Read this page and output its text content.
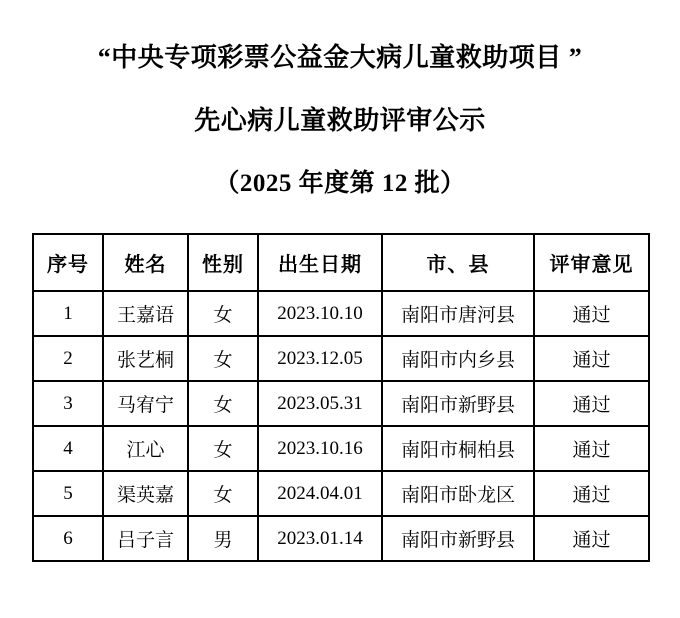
“中央专项彩票公益金大病儿童救助项目 ”
先心病儿童救助评审公示
（2025 年度第 12 批）
序号	姓名	性别	出生日期	市、县	评审意见
1	王嘉语	女	2023.10.10	南阳市唐河县	通过
2	张艺桐	女	2023.12.05	南阳市内乡县	通过
3	马宥宁	女	2023.05.31	南阳市新野县	通过
4	江心	女	2023.10.16	南阳市桐柏县	通过
5	渠英嘉	女	2024.04.01	南阳市卧龙区	通过
6	吕子言	男	2023.01.14	南阳市新野县	通过
